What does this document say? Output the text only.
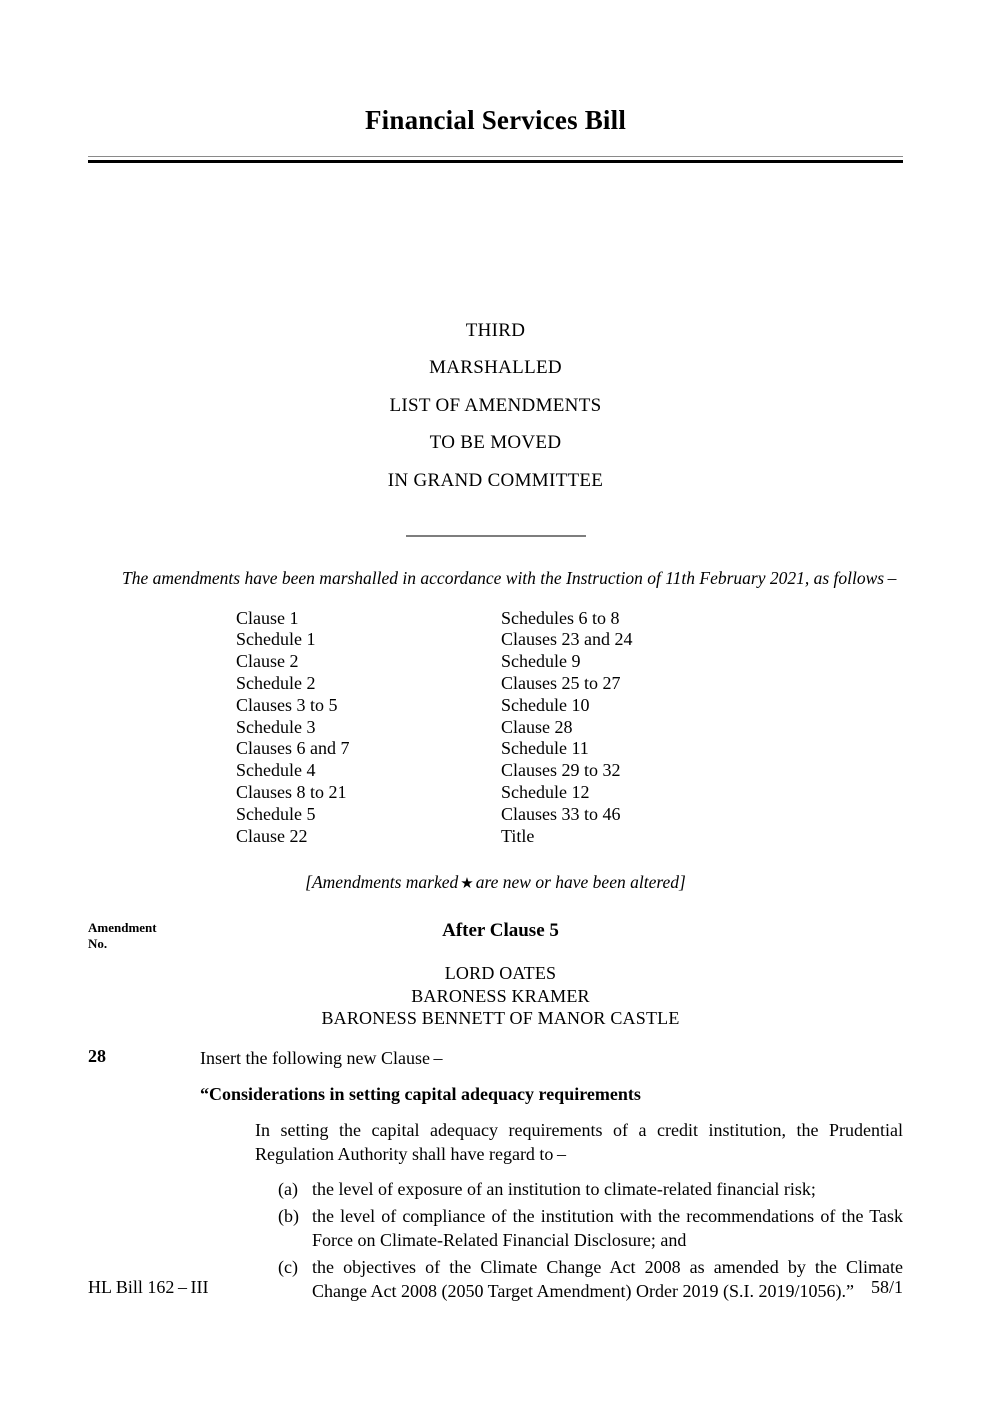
Financial Services Bill
THIRD
MARSHALLED
LIST OF AMENDMENTS
TO BE MOVED
IN GRAND COMMITTEE

The amendments have been marshalled in accordance with the Instruction of 11th February 2021, as follows –

Clause 1
Schedule 1
Clause 2
Schedule 2
Clauses 3 to 5
Schedule 3
Clauses 6 and 7
Schedule 4
Clauses 8 to 21
Schedule 5
Clause 22
Schedules 6 to 8
Clauses 23 and 24
Schedule 9
Clauses 25 to 27
Schedule 10
Clause 28
Schedule 11
Clauses 29 to 32
Schedule 12
Clauses 33 to 46
Title
[Amendments marked ★ are new or have been altered]
Amendment
No.
After Clause 5
LORD OATES
BARONESS KRAMER
BARONESS BENNETT OF MANOR CASTLE
28	Insert the following new Clause –
“Considerations in setting capital adequacy requirements
In setting the capital adequacy requirements of a credit institution, the Prudential Regulation Authority shall have regard to –
(a) the level of exposure of an institution to climate-related financial risk;
(b) the level of compliance of the institution with the recommendations of the Task Force on Climate-Related Financial Disclosure; and
(c) the objectives of the Climate Change Act 2008 as amended by the Climate Change Act 2008 (2050 Target Amendment) Order 2019 (S.I. 2019/1056).”
HL Bill 162 – III	58/1
